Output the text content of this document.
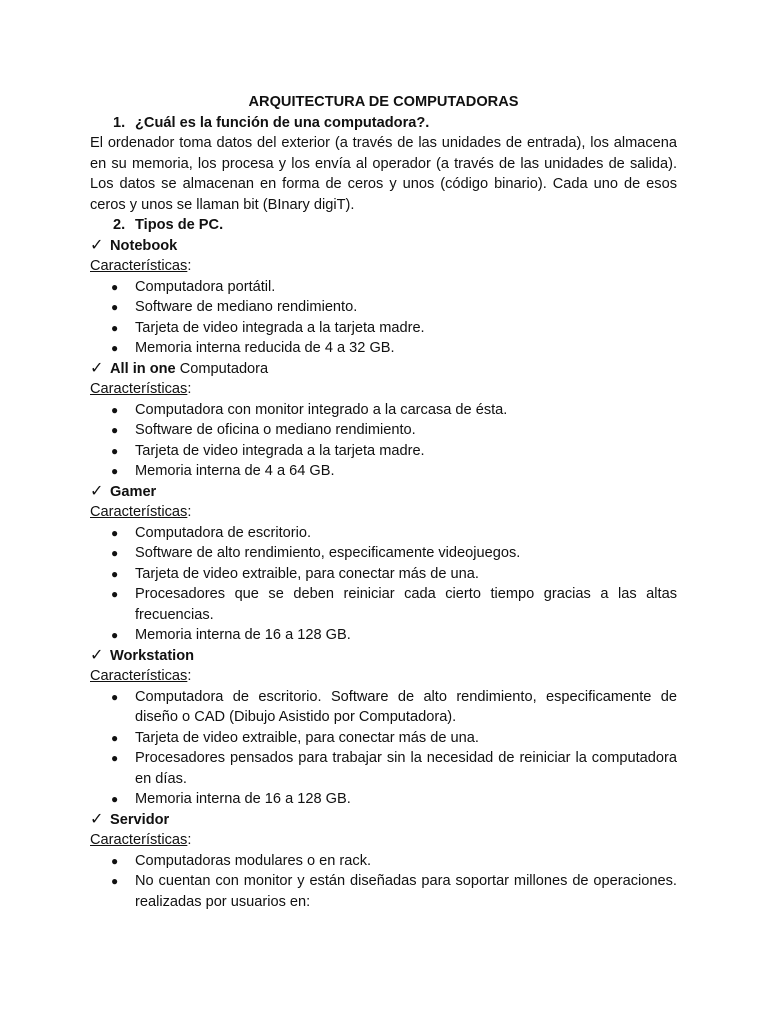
ARQUITECTURA DE COMPUTADORAS
1. ¿Cuál es la función de una computadora?.

El ordenador toma datos del exterior (a través de las unidades de entrada), los almacena en su memoria, los procesa y los envía al operador (a través de las unidades de salida). Los datos se almacenan en forma de ceros y unos (código binario). Cada uno de esos ceros y unos se llaman bit (BInary digiT).

2. Tipos de PC.
✓ Notebook
Características:
● Computadora portátil.
● Software de mediano rendimiento.
● Tarjeta de video integrada a la tarjeta madre.
● Memoria interna reducida de 4 a 32 GB.
✓ All in one Computadora
Características:
● Computadora con monitor integrado a la carcasa de ésta.
● Software de oficina o mediano rendimiento.
● Tarjeta de video integrada a la tarjeta madre.
● Memoria interna de 4 a 64 GB.
✓ Gamer
Características:
● Computadora de escritorio.
● Software de alto rendimiento, especificamente videojuegos.
● Tarjeta de video extraible, para conectar más de una.
● Procesadores que se deben reiniciar cada cierto tiempo gracias a las altas frecuencias.
● Memoria interna de 16 a 128 GB.
✓ Workstation
Características:
● Computadora de escritorio. Software de alto rendimiento, especificamente de diseño o CAD (Dibujo Asistido por Computadora).
● Tarjeta de video extraible, para conectar más de una.
● Procesadores pensados para trabajar sin la necesidad de reiniciar la computadora en días.
● Memoria interna de 16 a 128 GB.
✓ Servidor
Características:
● Computadoras modulares o en rack.
● No cuentan con monitor y están diseñadas para soportar millones de operaciones. realizadas por usuarios en:
